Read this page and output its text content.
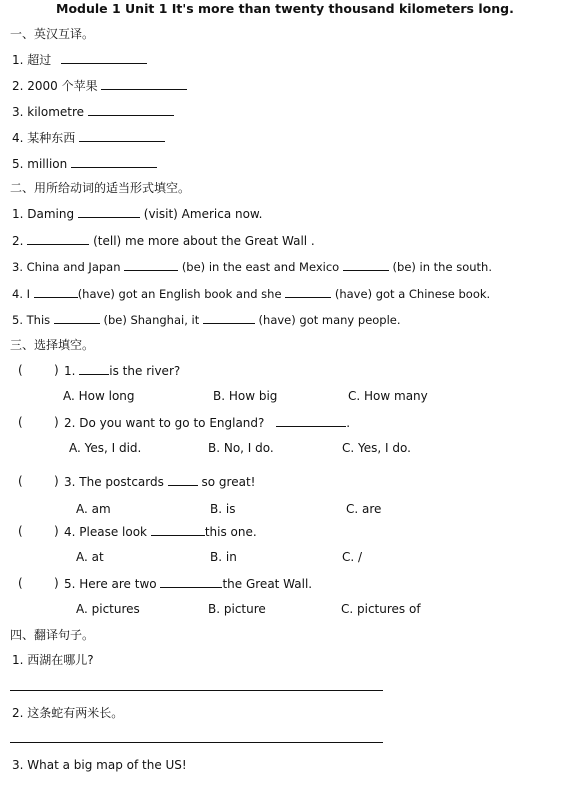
Module 1 Unit 1 It's more than twenty thousand kilometers long.
一、英汉互译。
1. 超过
2. 2000 个苹果
3. kilometre
4. 某种东西
5. million
二、用所给动词的适当形式填空。
1. Daming	(visit) America now.
2.	(tell) me more about the Great Wall .
3. China and Japan	(be) in the east and Mexico	(be) in the south.
4. I	(have) got an English book and she	(have) got a Chinese book.
5. This	(be) Shanghai, it	(have) got many people.
三、选择填空。
(	) 1.	is the river?
A. How long	B. How big	C. How many
(	) 2. Do you want to go to England?	.
A. Yes, I did.	B. No, I do.	C. Yes, I do.
(	) 3. The postcards	so great!
A. am	B. is	C. are
(	) 4. Please look	this one.
A. at	B. in	C. /
(	) 5. Here are two	the Great Wall.
A. pictures	B. picture	C. pictures of
四、翻译句子。
1. 西湖在哪儿?
2. 这条蛇有两米长。
3. What a big map of the US!
